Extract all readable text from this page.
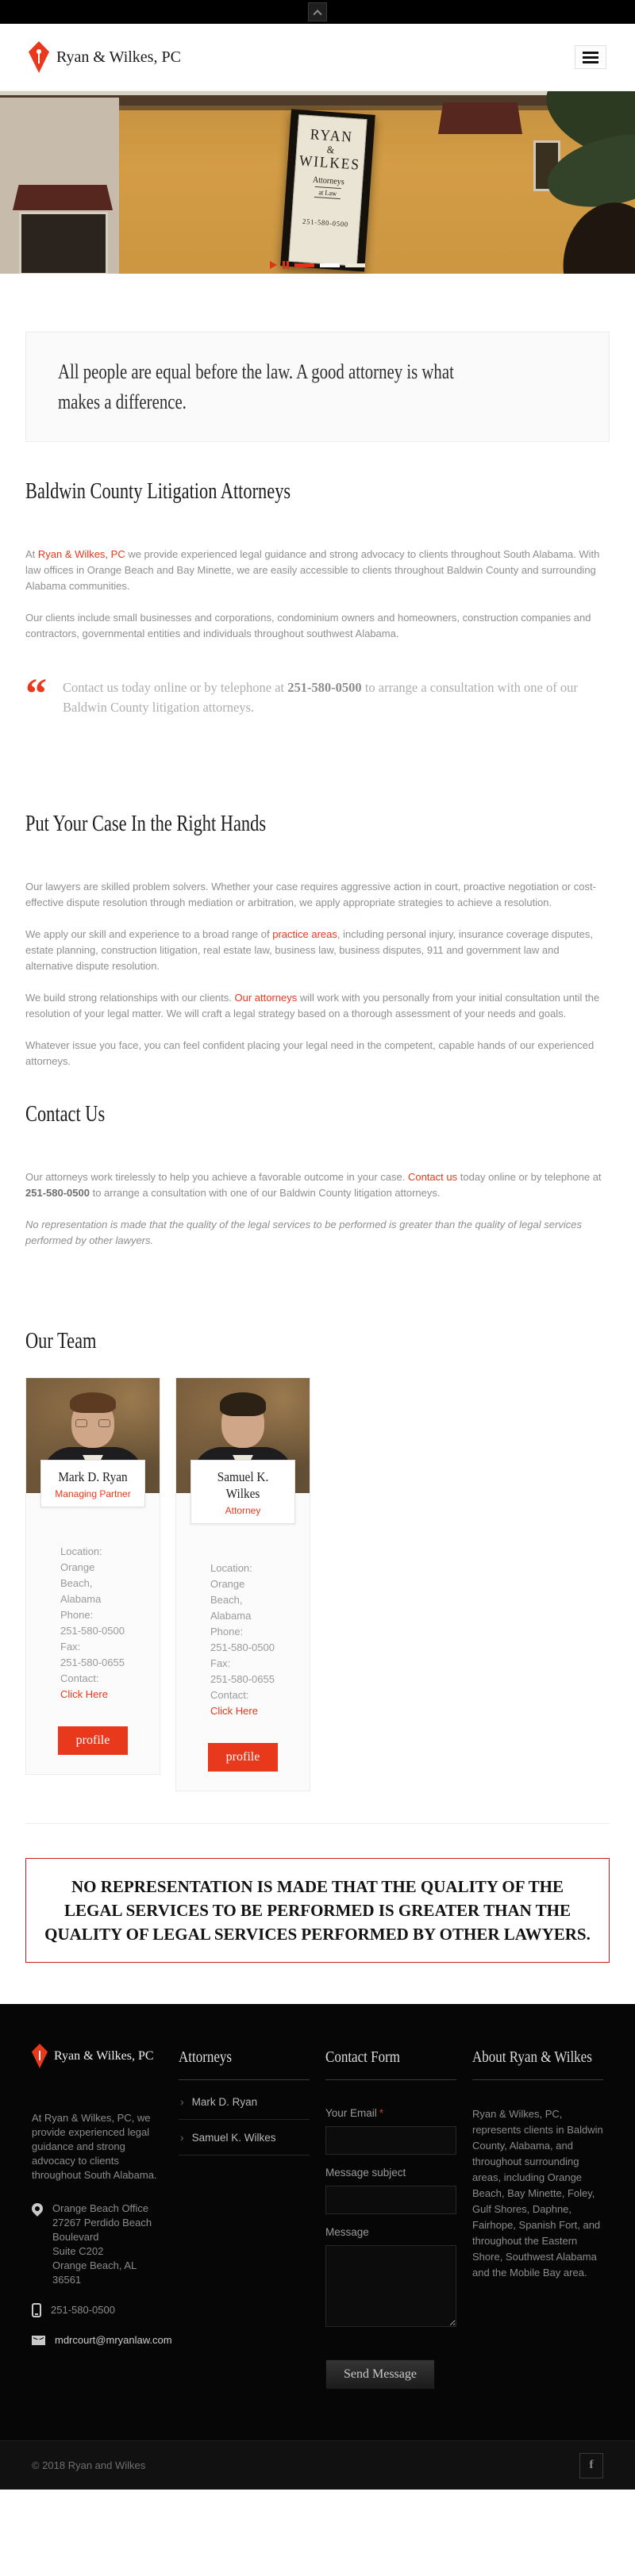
Ryan & Wilkes, PC
RYAN
&
WILKES
Attorneys
at Law
251-580-0500

All people are equal before the law. A good attorney is what makes a difference.

Baldwin County Litigation Attorneys

At Ryan & Wilkes, PC we provide experienced legal guidance and strong advocacy to clients throughout South Alabama. With law offices in Orange Beach and Bay Minette, we are easily accessible to clients throughout Baldwin County and surrounding Alabama communities.

Our clients include small businesses and corporations, condominium owners and homeowners, construction companies and contractors, governmental entities and individuals throughout southwest Alabama.

“ Contact us today online or by telephone at 251-580-0500 to arrange a consultation with one of our Baldwin County litigation attorneys.

Put Your Case In the Right Hands

Our lawyers are skilled problem solvers. Whether your case requires aggressive action in court, proactive negotiation or cost-effective dispute resolution through mediation or arbitration, we apply appropriate strategies to achieve a resolution.

We apply our skill and experience to a broad range of practice areas, including personal injury, insurance coverage disputes, estate planning, construction litigation, real estate law, business law, business disputes, 911 and government law and alternative dispute resolution.

We build strong relationships with our clients. Our attorneys will work with you personally from your initial consultation until the resolution of your legal matter. We will craft a legal strategy based on a thorough assessment of your needs and goals.

Whatever issue you face, you can feel confident placing your legal need in the competent, capable hands of our experienced attorneys.

Contact Us

Our attorneys work tirelessly to help you achieve a favorable outcome in your case. Contact us today online or by telephone at 251-580-0500 to arrange a consultation with one of our Baldwin County litigation attorneys.

No representation is made that the quality of the legal services to be performed is greater than the quality of legal services performed by other lawyers.

Our Team
Mark D. Ryan
Managing Partner
Location:
Orange Beach, Alabama
Phone:
251-580-0500
Fax:
251-580-0655
Contact:
Click Here
profile
Samuel K. Wilkes
Attorney
Location:
Orange Beach, Alabama
Phone:
251-580-0500
Fax:
251-580-0655
Contact:
Click Here
profile

NO REPRESENTATION IS MADE THAT THE QUALITY OF THE LEGAL SERVICES TO BE PERFORMED IS GREATER THAN THE QUALITY OF LEGAL SERVICES PERFORMED BY OTHER LAWYERS.

Ryan & Wilkes, PC

At Ryan & Wilkes, PC, we provide experienced legal guidance and strong advocacy to clients throughout South Alabama.

Orange Beach Office
27267 Perdido Beach Boulevard
Suite C202
Orange Beach, AL 36561
251-580-0500
mdrcourt@mryanlaw.com
Attorneys
› Mark D. Ryan
› Samuel K. Wilkes
Contact Form
Your Email *
Message subject
Message
Send Message
About Ryan & Wilkes

Ryan & Wilkes, PC, represents clients in Baldwin County, Alabama, and throughout surrounding areas, including Orange Beach, Bay Minette, Foley, Gulf Shores, Daphne, Fairhope, Spanish Fort, and throughout the Eastern Shore, Southwest Alabama and the Mobile Bay area.

© 2018 Ryan and Wilkes	f
